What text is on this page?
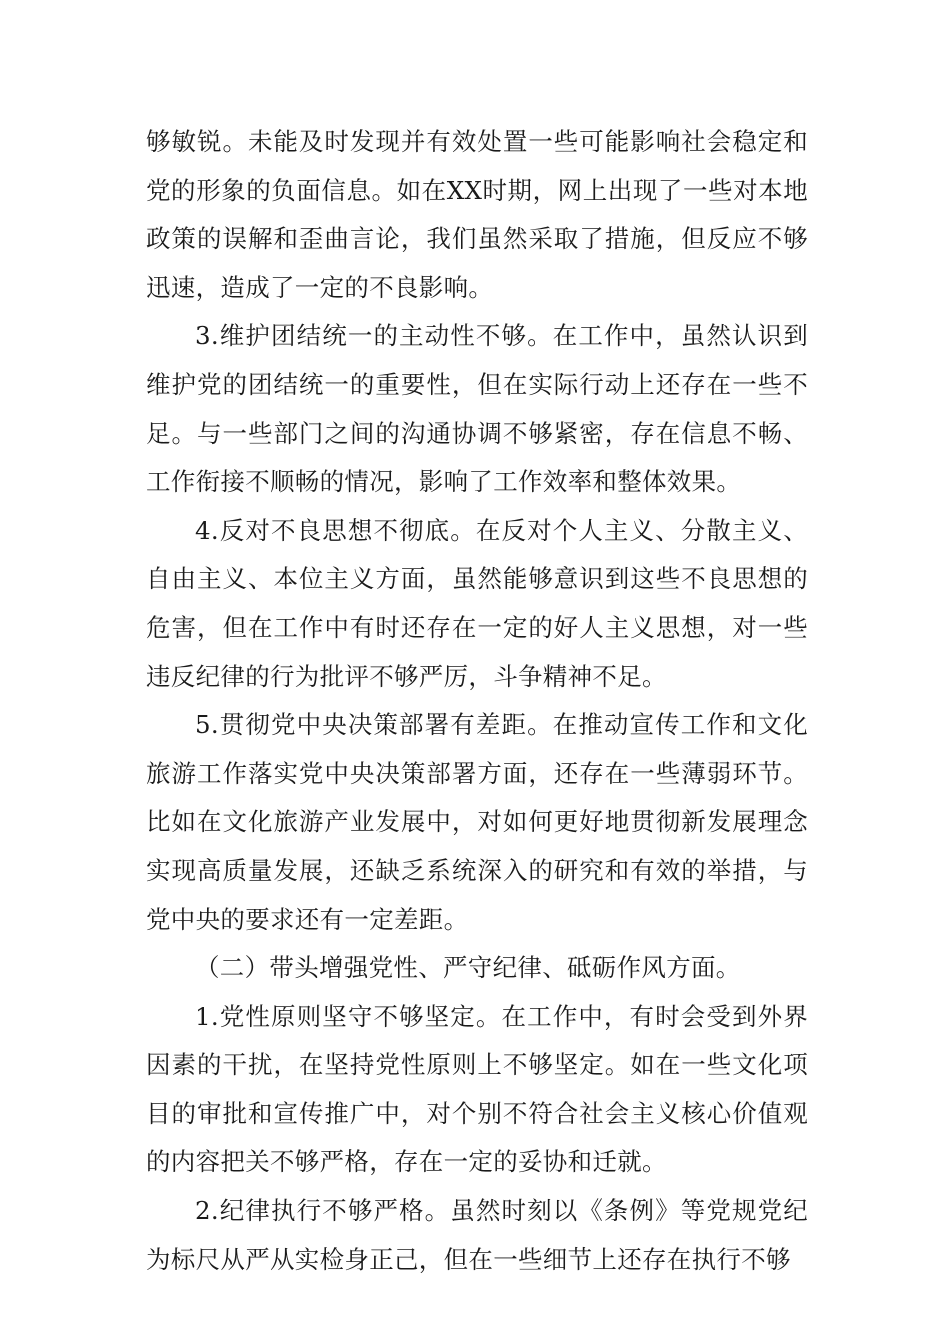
够敏锐。未能及时发现并有效处置一些可能影响社会稳定和党的形象的负面信息。如在XX时期，网上出现了一些对本地政策的误解和歪曲言论，我们虽然采取了措施，但反应不够迅速，造成了一定的不良影响。

3.维护团结统一的主动性不够。在工作中，虽然认识到维护党的团结统一的重要性，但在实际行动上还存在一些不足。与一些部门之间的沟通协调不够紧密，存在信息不畅、工作衔接不顺畅的情况，影响了工作效率和整体效果。

4.反对不良思想不彻底。在反对个人主义、分散主义、自由主义、本位主义方面，虽然能够意识到这些不良思想的危害，但在工作中有时还存在一定的好人主义思想，对一些违反纪律的行为批评不够严厉，斗争精神不足。

5.贯彻党中央决策部署有差距。在推动宣传工作和文化旅游工作落实党中央决策部署方面，还存在一些薄弱环节。比如在文化旅游产业发展中，对如何更好地贯彻新发展理念实现高质量发展，还缺乏系统深入的研究和有效的举措，与党中央的要求还有一定差距。

（二）带头增强党性、严守纪律、砥砺作风方面。

1.党性原则坚守不够坚定。在工作中，有时会受到外界因素的干扰，在坚持党性原则上不够坚定。如在一些文化项目的审批和宣传推广中，对个别不符合社会主义核心价值观的内容把关不够严格，存在一定的妥协和迁就。

2.纪律执行不够严格。虽然时刻以《条例》等党规党纪为标尺从严从实检身正己，但在一些细节上还存在执行不够
